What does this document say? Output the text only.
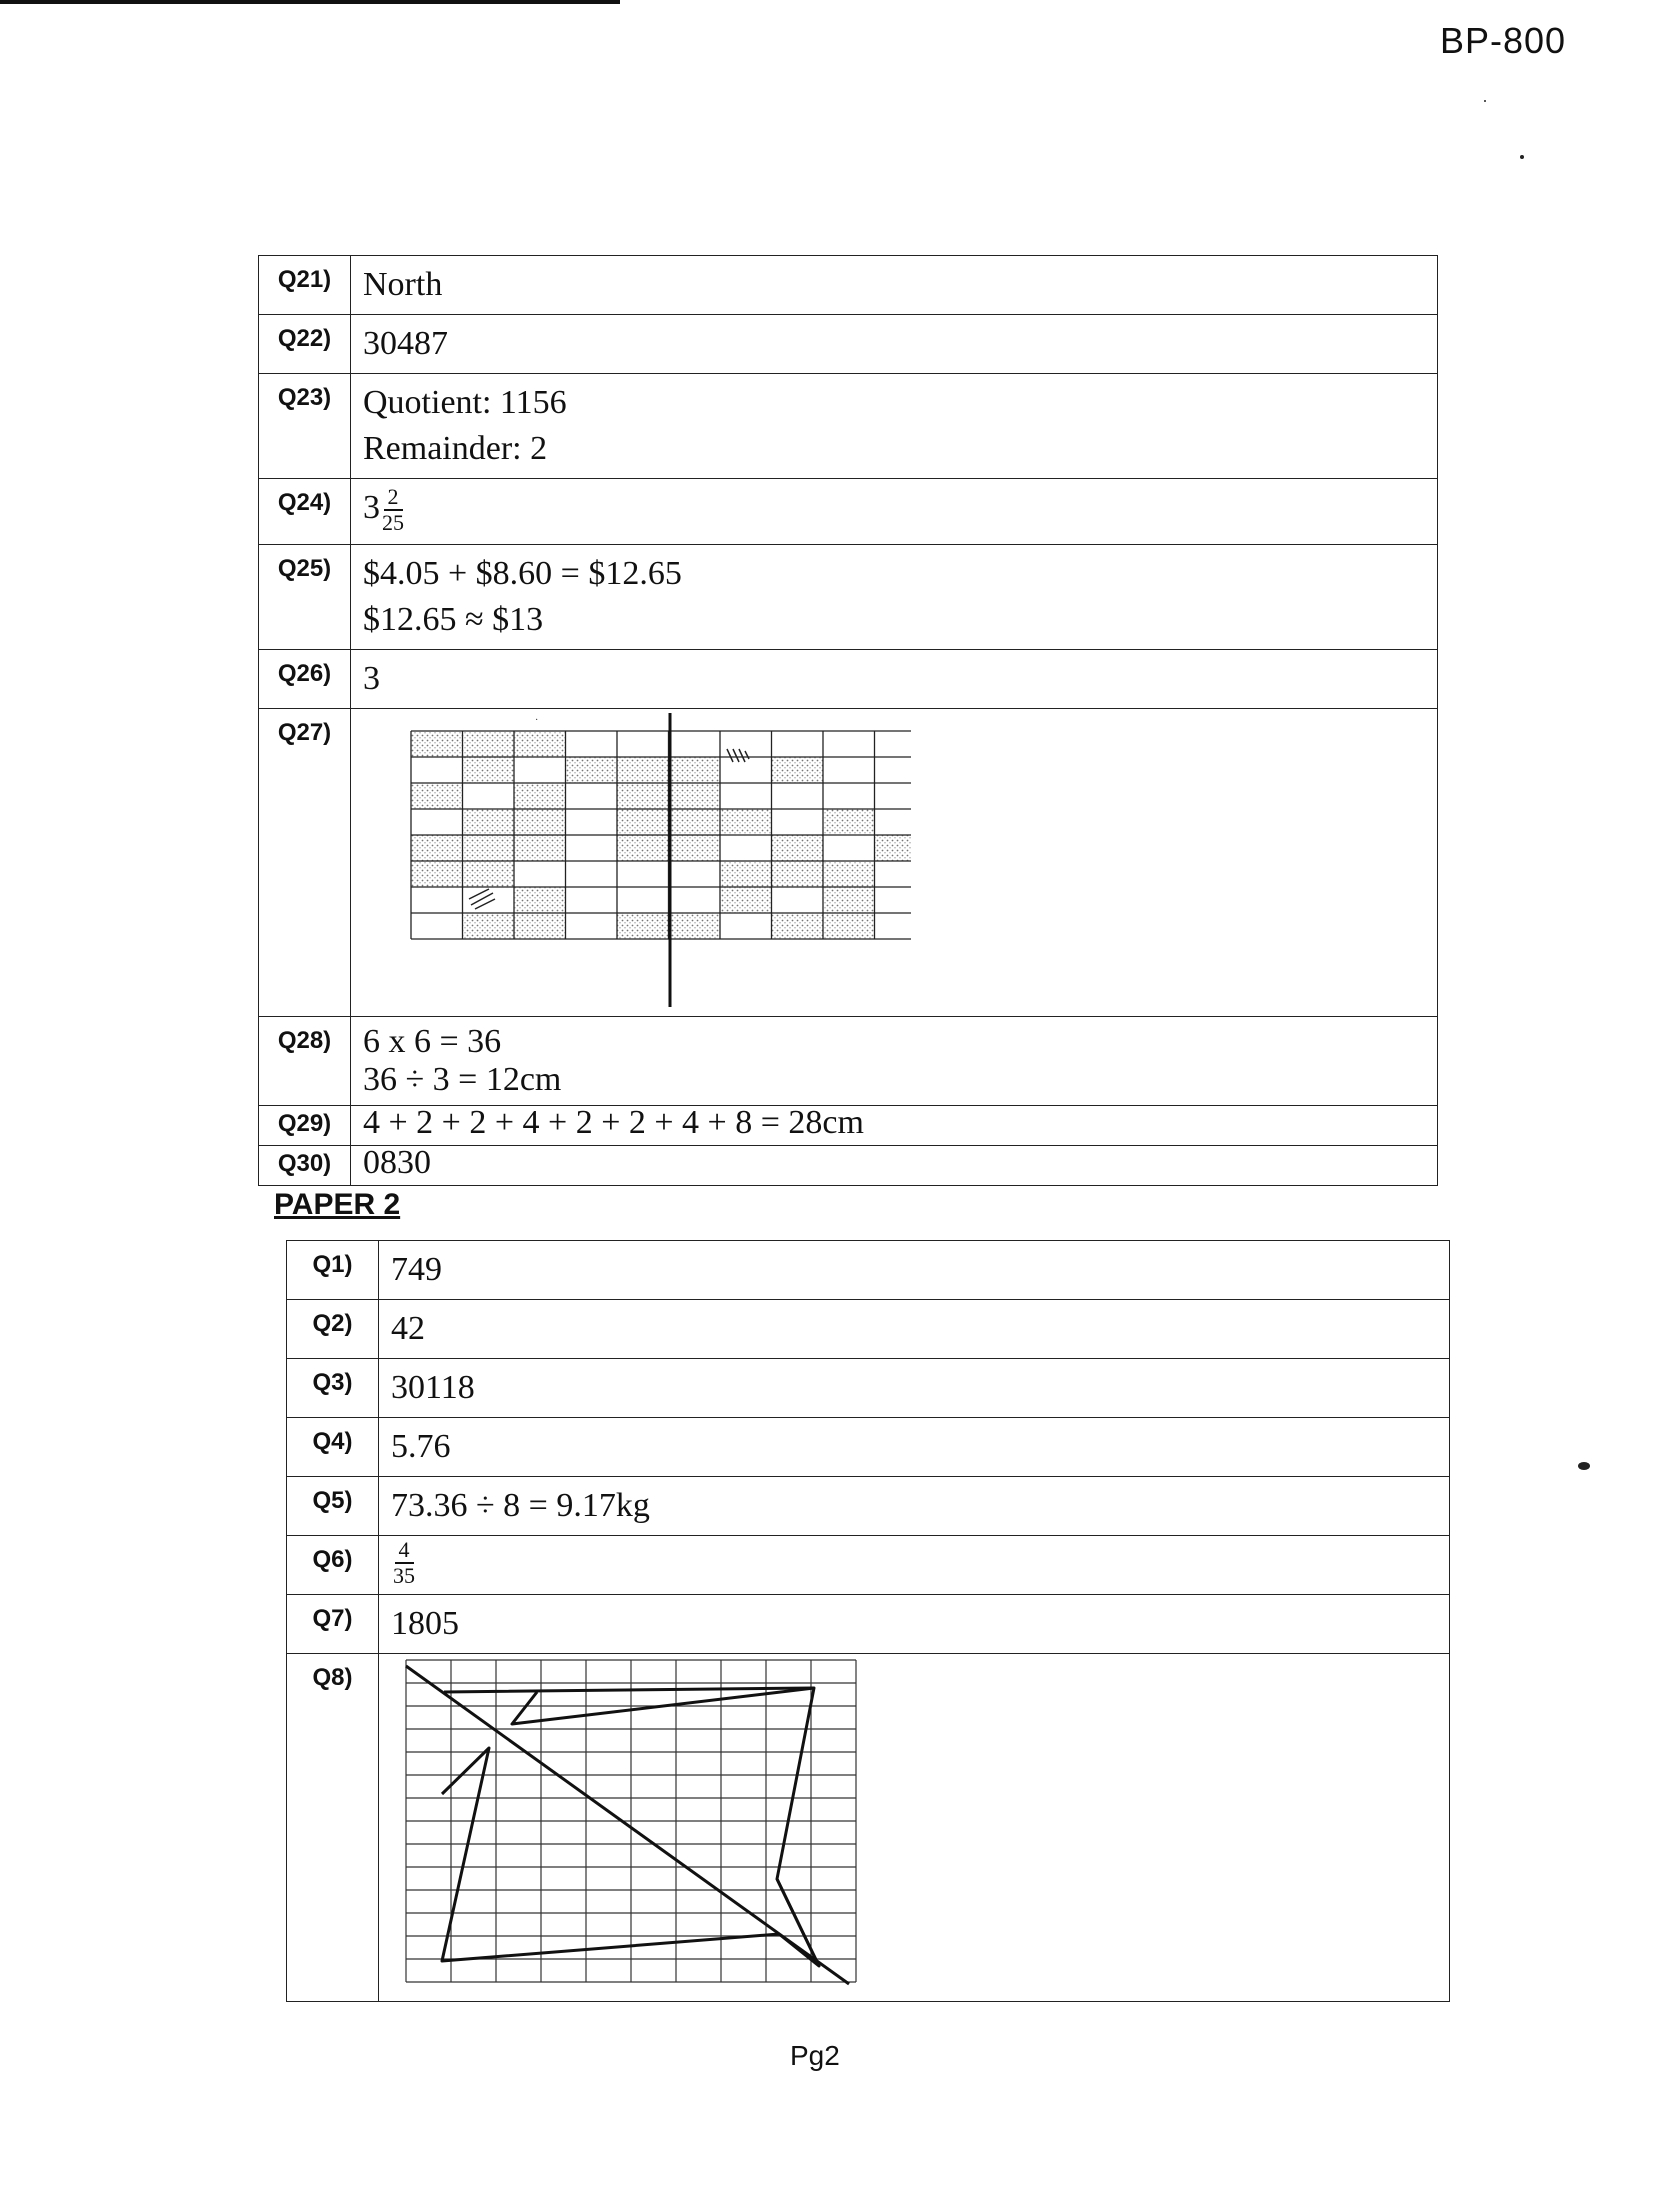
BP-800
Q21)	North
Q22)	30487
Q23)	Quotient: 1156
Remainder: 2

Q24)	$3 \frac{2}{25}$

Q25)	$4.05 + $8.60 = $12.65
$12.65 ≈ $13

Q26)	3
Q27)	·

Q28)	6 x 6 = 36
36 ÷ 3 = 12cm

Q29)	4 + 2 + 2 + 4 + 2 + 2 + 4 + 8 = 28cm
Q30)	0830
PAPER 2
Q1)	749
Q2)	42
Q3)	30118
Q4)	5.76
Q5)	73.36 ÷ 8 = 9.17kg
Q6)	$\frac{4}{35}$

Q7)	1805
Q8)	
Pg2
